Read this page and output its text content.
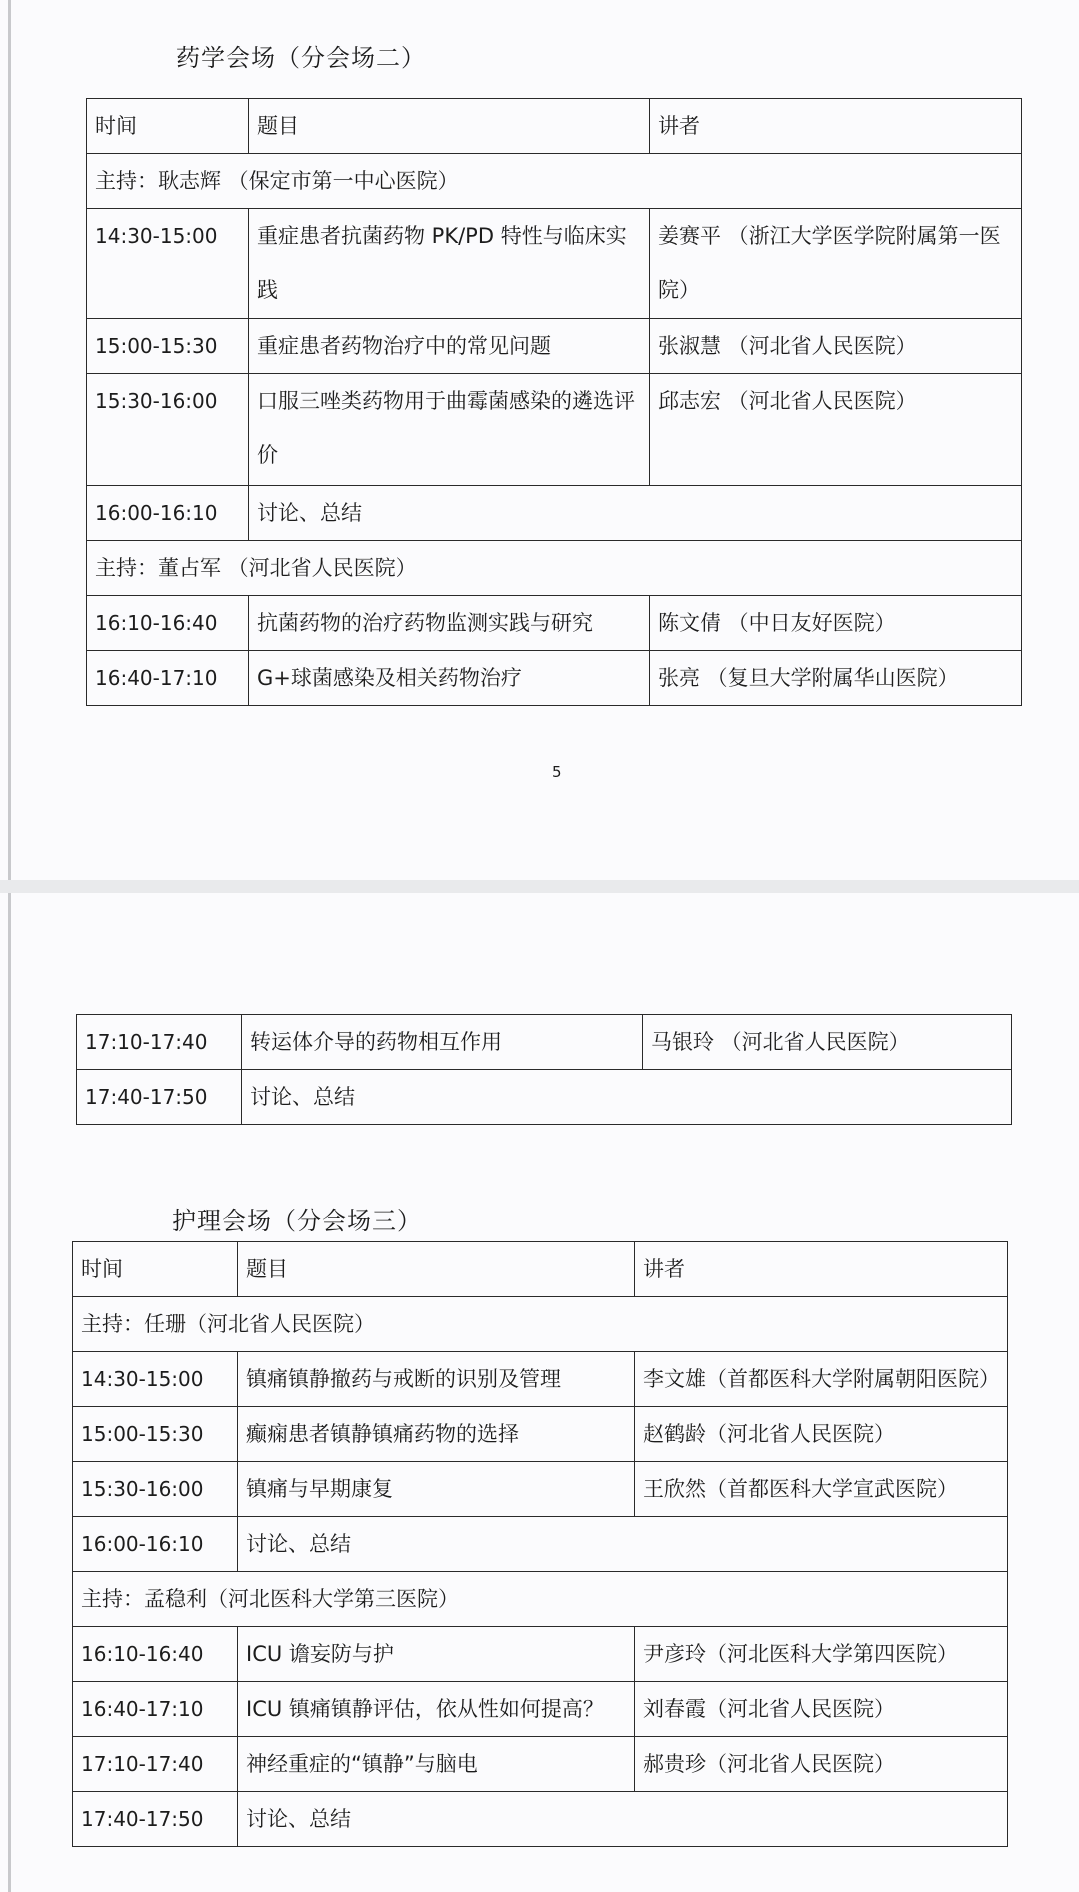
药学会场（分会场二）
时间	题目	讲者
主持：耿志辉 （保定市第一中心医院）		
14:30-15:00	重症患者抗菌药物 PK/PD 特性与临床实践	姜赛平 （浙江大学医学院附属第一医院）
15:00-15:30	重症患者药物治疗中的常见问题	张淑慧 （河北省人民医院）
15:30-16:00	口服三唑类药物用于曲霉菌感染的遴选评价	邱志宏 （河北省人民医院）
16:00-16:10	讨论、总结	
主持：董占军 （河北省人民医院）		
16:10-16:40	抗菌药物的治疗药物监测实践与研究	陈文倩 （中日友好医院）
16:40-17:10	G+球菌感染及相关药物治疗	张亮 （复旦大学附属华山医院）
5
17:10-17:40	转运体介导的药物相互作用	马银玲 （河北省人民医院）
17:40-17:50	讨论、总结	
护理会场（分会场三）
时间	题目	讲者
主持：任珊（河北省人民医院）		
14:30-15:00	镇痛镇静撤药与戒断的识别及管理	李文雄（首都医科大学附属朝阳医院）
15:00-15:30	癫痫患者镇静镇痛药物的选择	赵鹤龄（河北省人民医院）
15:30-16:00	镇痛与早期康复	王欣然（首都医科大学宣武医院）
16:00-16:10	讨论、总结	
主持：孟稳利（河北医科大学第三医院）		
16:10-16:40	ICU 谵妄防与护	尹彦玲（河北医科大学第四医院）
16:40-17:10	ICU 镇痛镇静评估，依从性如何提高？	刘春霞（河北省人民医院）
17:10-17:40	神经重症的“镇静”与脑电	郝贵珍（河北省人民医院）
17:40-17:50	讨论、总结	
